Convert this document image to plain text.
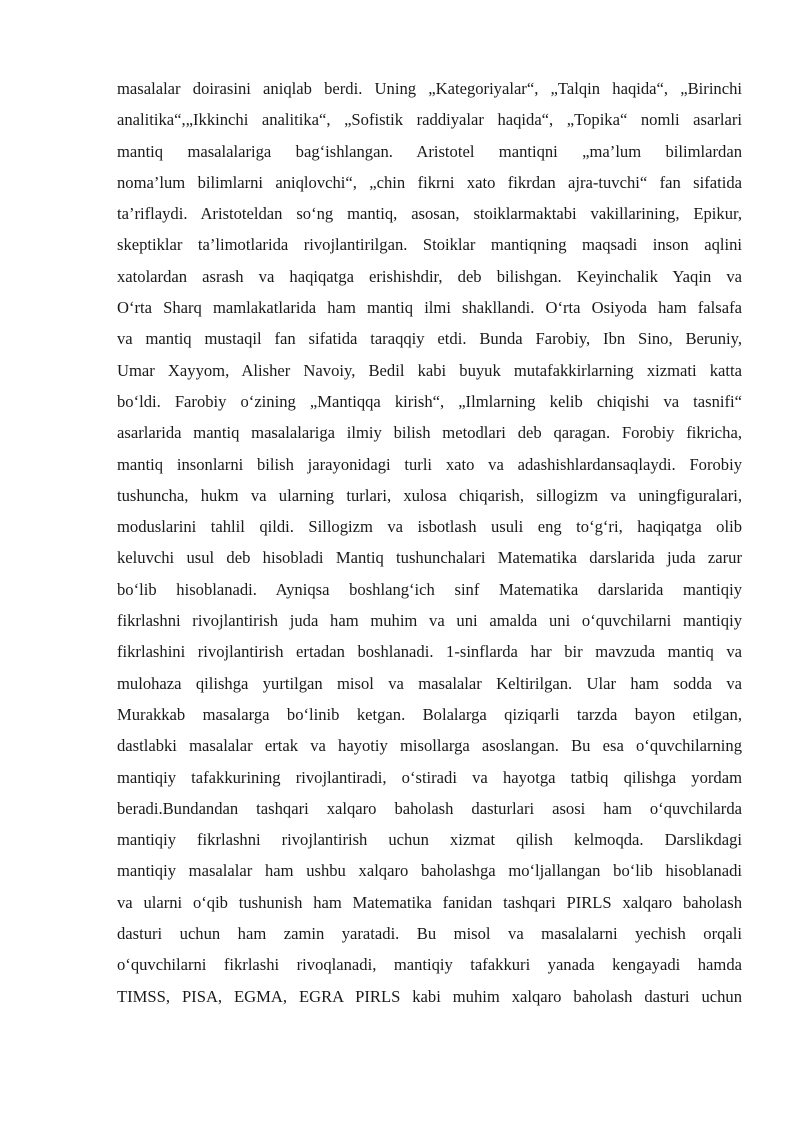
masalalar doirasini aniqlab berdi. Uning „Kategoriyalar“, „Talqin haqida“, „Birinchi
analitika“,„Ikkinchi analitika“, „Sofistik raddiyalar haqida“, „Topika“ nomli asarlari
mantiq masalalariga bag‘ishlangan. Aristotel mantiqni „ma’lum bilimlardan
noma’lum bilimlarni aniqlovchi“, „chin fikrni xato fikrdan ajra-tuvchi“ fan sifatida
ta’riflaydi. Aristoteldan so‘ng mantiq, asosan, stoiklarmaktabi vakillarining, Epikur,
skeptiklar ta’limotlarida rivojlantirilgan. Stoiklar mantiqning maqsadi inson aqlini
xatolardan asrash va haqiqatga erishishdir, deb bilishgan. Keyinchalik Yaqin va
O‘rta Sharq mamlakatlarida ham mantiq ilmi shakllandi. O‘rta Osiyoda ham falsafa
va mantiq mustaqil fan sifatida taraqqiy etdi. Bunda Farobiy, Ibn Sino, Beruniy,
Umar Xayyom, Alisher Navoiy, Bedil kabi buyuk mutafakkirlarning xizmati katta
bo‘ldi. Farobiy o‘zining „Mantiqqa kirish“, „Ilmlarning kelib chiqishi va tasnifi“
asarlarida mantiq masalalariga ilmiy bilish metodlari deb qaragan. Forobiy fikricha,
mantiq insonlarni bilish jarayonidagi turli xato va adashishlardansaqlaydi. Forobiy
tushuncha, hukm va ularning turlari, xulosa chiqarish, sillogizm va uningfiguralari,
moduslarini tahlil qildi. Sillogizm va isbotlash usuli eng to‘g‘ri, haqiqatga olib
keluvchi usul deb hisobladi Mantiq tushunchalari Matematika darslarida juda zarur
bo‘lib hisoblanadi. Ayniqsa boshlang‘ich sinf Matematika darslarida mantiqiy
fikrlashni rivojlantirish juda ham muhim va uni amalda uni o‘quvchilarni mantiqiy
fikrlashini rivojlantirish ertadan boshlanadi. 1-sinflarda har bir mavzuda mantiq va
mulohaza qilishga yurtilgan misol va masalalar Keltirilgan. Ular ham sodda va
Murakkab masalarga bo‘linib ketgan. Bolalarga qiziqarli tarzda bayon etilgan,
dastlabki masalalar ertak va hayotiy misollarga asoslangan. Bu esa o‘quvchilarning
mantiqiy tafakkurining rivojlantiradi, o‘stiradi va hayotga tatbiq qilishga yordam
beradi.Bundandan tashqari xalqaro baholash dasturlari asosi ham o‘quvchilarda
mantiqiy fikrlashni rivojlantirish uchun xizmat qilish kelmoqda. Darslikdagi
mantiqiy masalalar ham ushbu xalqaro baholashga mo‘ljallangan bo‘lib hisoblanadi
va ularni o‘qib tushunish ham Matematika fanidan tashqari PIRLS xalqaro baholash
dasturi uchun ham zamin yaratadi. Bu misol va masalalarni yechish orqali
o‘quvchilarni fikrlashi rivoqlanadi, mantiqiy tafakkuri yanada kengayadi hamda
TIMSS, PISA, EGMA, EGRA PIRLS kabi muhim xalqaro baholash dasturi uchun
